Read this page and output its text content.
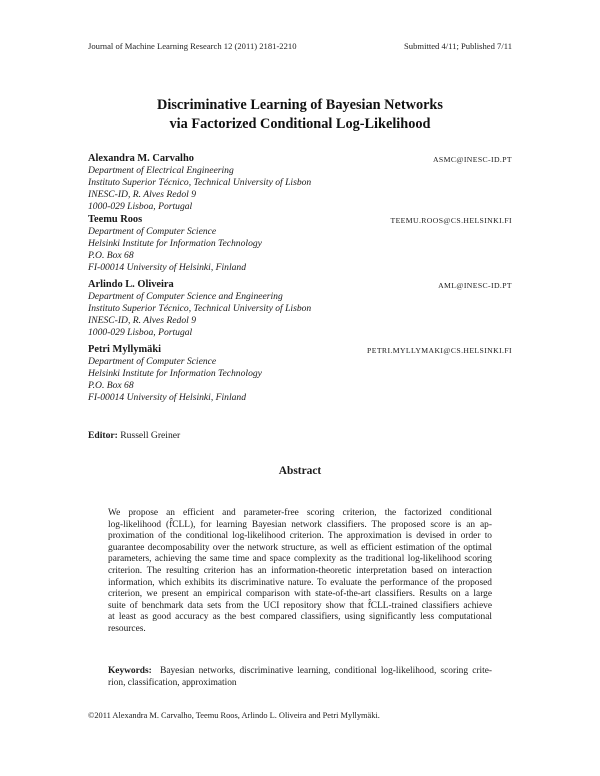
Journal of Machine Learning Research 12 (2011) 2181-2210	Submitted 4/11; Published 7/11
Discriminative Learning of Bayesian Networks
via Factorized Conditional Log-Likelihood
Alexandra M. Carvalho	ASMC@INESC-ID.PT
Department of Electrical Engineering
Instituto Superior Técnico, Technical University of Lisbon
INESC-ID, R. Alves Redol 9
1000-029 Lisboa, Portugal
Teemu Roos	TEEMU.ROOS@CS.HELSINKI.FI
Department of Computer Science
Helsinki Institute for Information Technology
P.O. Box 68
FI-00014 University of Helsinki, Finland
Arlindo L. Oliveira	AML@INESC-ID.PT
Department of Computer Science and Engineering
Instituto Superior Técnico, Technical University of Lisbon
INESC-ID, R. Alves Redol 9
1000-029 Lisboa, Portugal
Petri Myllymäki	PETRI.MYLLYMAKI@CS.HELSINKI.FI
Department of Computer Science
Helsinki Institute for Information Technology
P.O. Box 68
FI-00014 University of Helsinki, Finland
Editor: Russell Greiner
Abstract
We propose an efficient and parameter-free scoring criterion, the factorized conditional
log-likelihood (f̂CLL), for learning Bayesian network classifiers. The proposed score is an ap-
proximation of the conditional log-likelihood criterion. The approximation is devised in order to
guarantee decomposability over the network structure, as well as efficient estimation of the optimal
parameters, achieving the same time and space complexity as the traditional log-likelihood scoring
criterion. The resulting criterion has an information-theoretic interpretation based on interaction
information, which exhibits its discriminative nature. To evaluate the performance of the proposed
criterion, we present an empirical comparison with state-of-the-art classifiers. Results on a large
suite of benchmark data sets from the UCI repository show that f̂CLL-trained classifiers achieve
at least as good accuracy as the best compared classifiers, using significantly less computational
resources.
Keywords: Bayesian networks, discriminative learning, conditional log-likelihood, scoring crite-
rion, classification, approximation
©2011 Alexandra M. Carvalho, Teemu Roos, Arlindo L. Oliveira and Petri Myllymäki.
